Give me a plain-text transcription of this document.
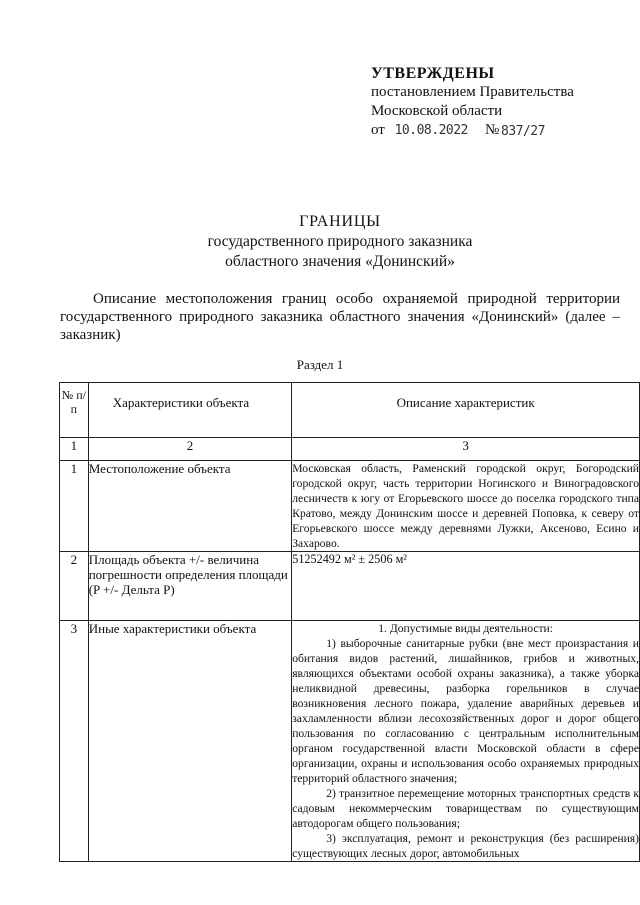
УТВЕРЖДЕНЫ
постановлением Правительства
Московской области
от 10.08.2022 № 837/27
ГРАНИЦЫ
государственного природного заказника
областного значения «Донинский»
Описание местоположения границ особо охраняемой природной территории
государственного природного заказника областного значения «Донинский» (далее – заказник)
Раздел 1
№ п/п	Характеристики объекта	Описание характеристик
1	2	3
1	Местоположение объекта	Московская область, Раменский городской округ, Богородский городской округ, часть территории Ногинского и Виноградовского лесничеств к югу от Егорьевского шоссе до поселка городского типа Кратово, между Донинским шоссе и деревней Поповка, к северу от Егорьевского шоссе между деревнями Лужки, Аксеново, Есино и Захарово.
2	Площадь объекта +/- величина погрешности определения площади (P +/- Дельта P)	51252492 м² ± 2506 м²
3	Иные характеристики объекта	1. Допустимые виды деятельности:

1) выборочные санитарные рубки (вне мест произрастания и обитания видов растений, лишайников, грибов и животных, являющихся объектами особой охраны заказника), а также уборка неликвидной древесины, разборка горельников в случае возникновения лесного пожара, удаление аварийных деревьев и захламленности вблизи лесохозяйственных дорог и дорог общего пользования по согласованию с центральным исполнительным органом государственной власти Московской области в сфере организации, охраны и использования особо охраняемых природных территорий областного значения;

2) транзитное перемещение моторных транспортных средств к садовым некоммерческим товариществам по существующим автодорогам общего пользования;

3) эксплуатация, ремонт и реконструкция (без расширения) существующих лесных дорог, автомобильных
